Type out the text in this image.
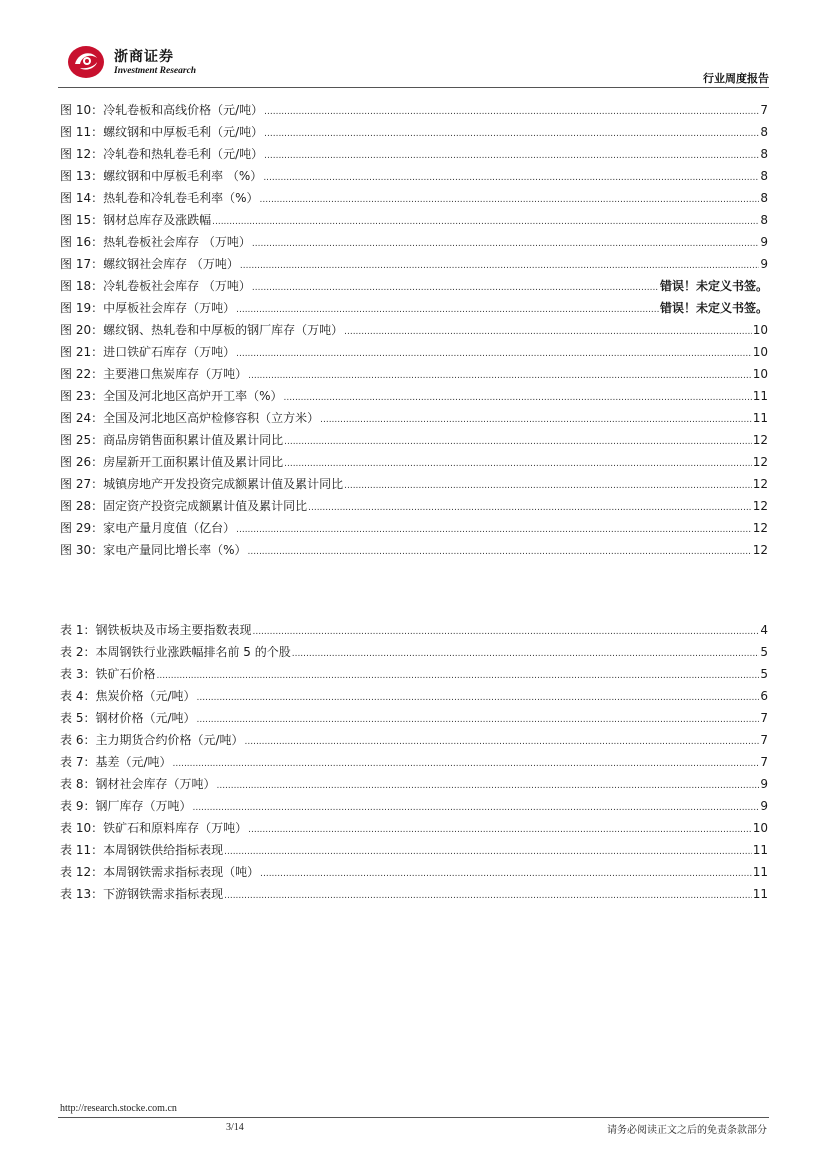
浙商证券
Investment Research
行业周度报告
图 10： 冷轧卷板和高线价格（元/吨） .....	7
图 11： 螺纹钢和中厚板毛利（元/吨） .....	8
图 12： 冷轧卷和热轧卷毛利（元/吨） .....	8
图 13： 螺纹钢和中厚板毛利率 （%） .....	8
图 14： 热轧卷和冷轧卷毛利率（%） .....	8
图 15： 钢材总库存及涨跌幅 .....	8
图 16： 热轧卷板社会库存 （万吨） .....	9
图 17： 螺纹钢社会库存 （万吨） .....	9
图 18： 冷轧卷板社会库存 （万吨） .....	错误！未定义书签。
图 19： 中厚板社会库存（万吨） .....	错误！未定义书签。
图 20： 螺纹钢、热轧卷和中厚板的钢厂库存（万吨） .....	10
图 21： 进口铁矿石库存（万吨） .....	10
图 22： 主要港口焦炭库存（万吨） .....	10
图 23： 全国及河北地区高炉开工率（%） .....	11
图 24： 全国及河北地区高炉检修容积（立方米） .....	11
图 25： 商品房销售面积累计值及累计同比 .....	12
图 26： 房屋新开工面积累计值及累计同比 .....	12
图 27： 城镇房地产开发投资完成额累计值及累计同比 .....	12
图 28： 固定资产投资完成额累计值及累计同比 .....	12
图 29： 家电产量月度值（亿台） .....	12
图 30： 家电产量同比增长率（%） .....	12
表 1： 钢铁板块及市场主要指数表现 .....	4
表 2： 本周钢铁行业涨跌幅排名前 5 的个股 .....	5
表 3： 铁矿石价格 .....	5
表 4： 焦炭价格（元/吨） .....	6
表 5： 钢材价格（元/吨） .....	7
表 6： 主力期货合约价格（元/吨） .....	7
表 7： 基差（元/吨） .....	7
表 8： 钢材社会库存（万吨） .....	9
表 9： 钢厂库存（万吨） .....	9
表 10： 铁矿石和原料库存（万吨） .....	10
表 11： 本周钢铁供给指标表现 .....	11
表 12： 本周钢铁需求指标表现（吨） .....	11
表 13： 下游钢铁需求指标表现 .....	11
http://research.stocke.com.cn
3/14	请务必阅读正文之后的免责条款部分
